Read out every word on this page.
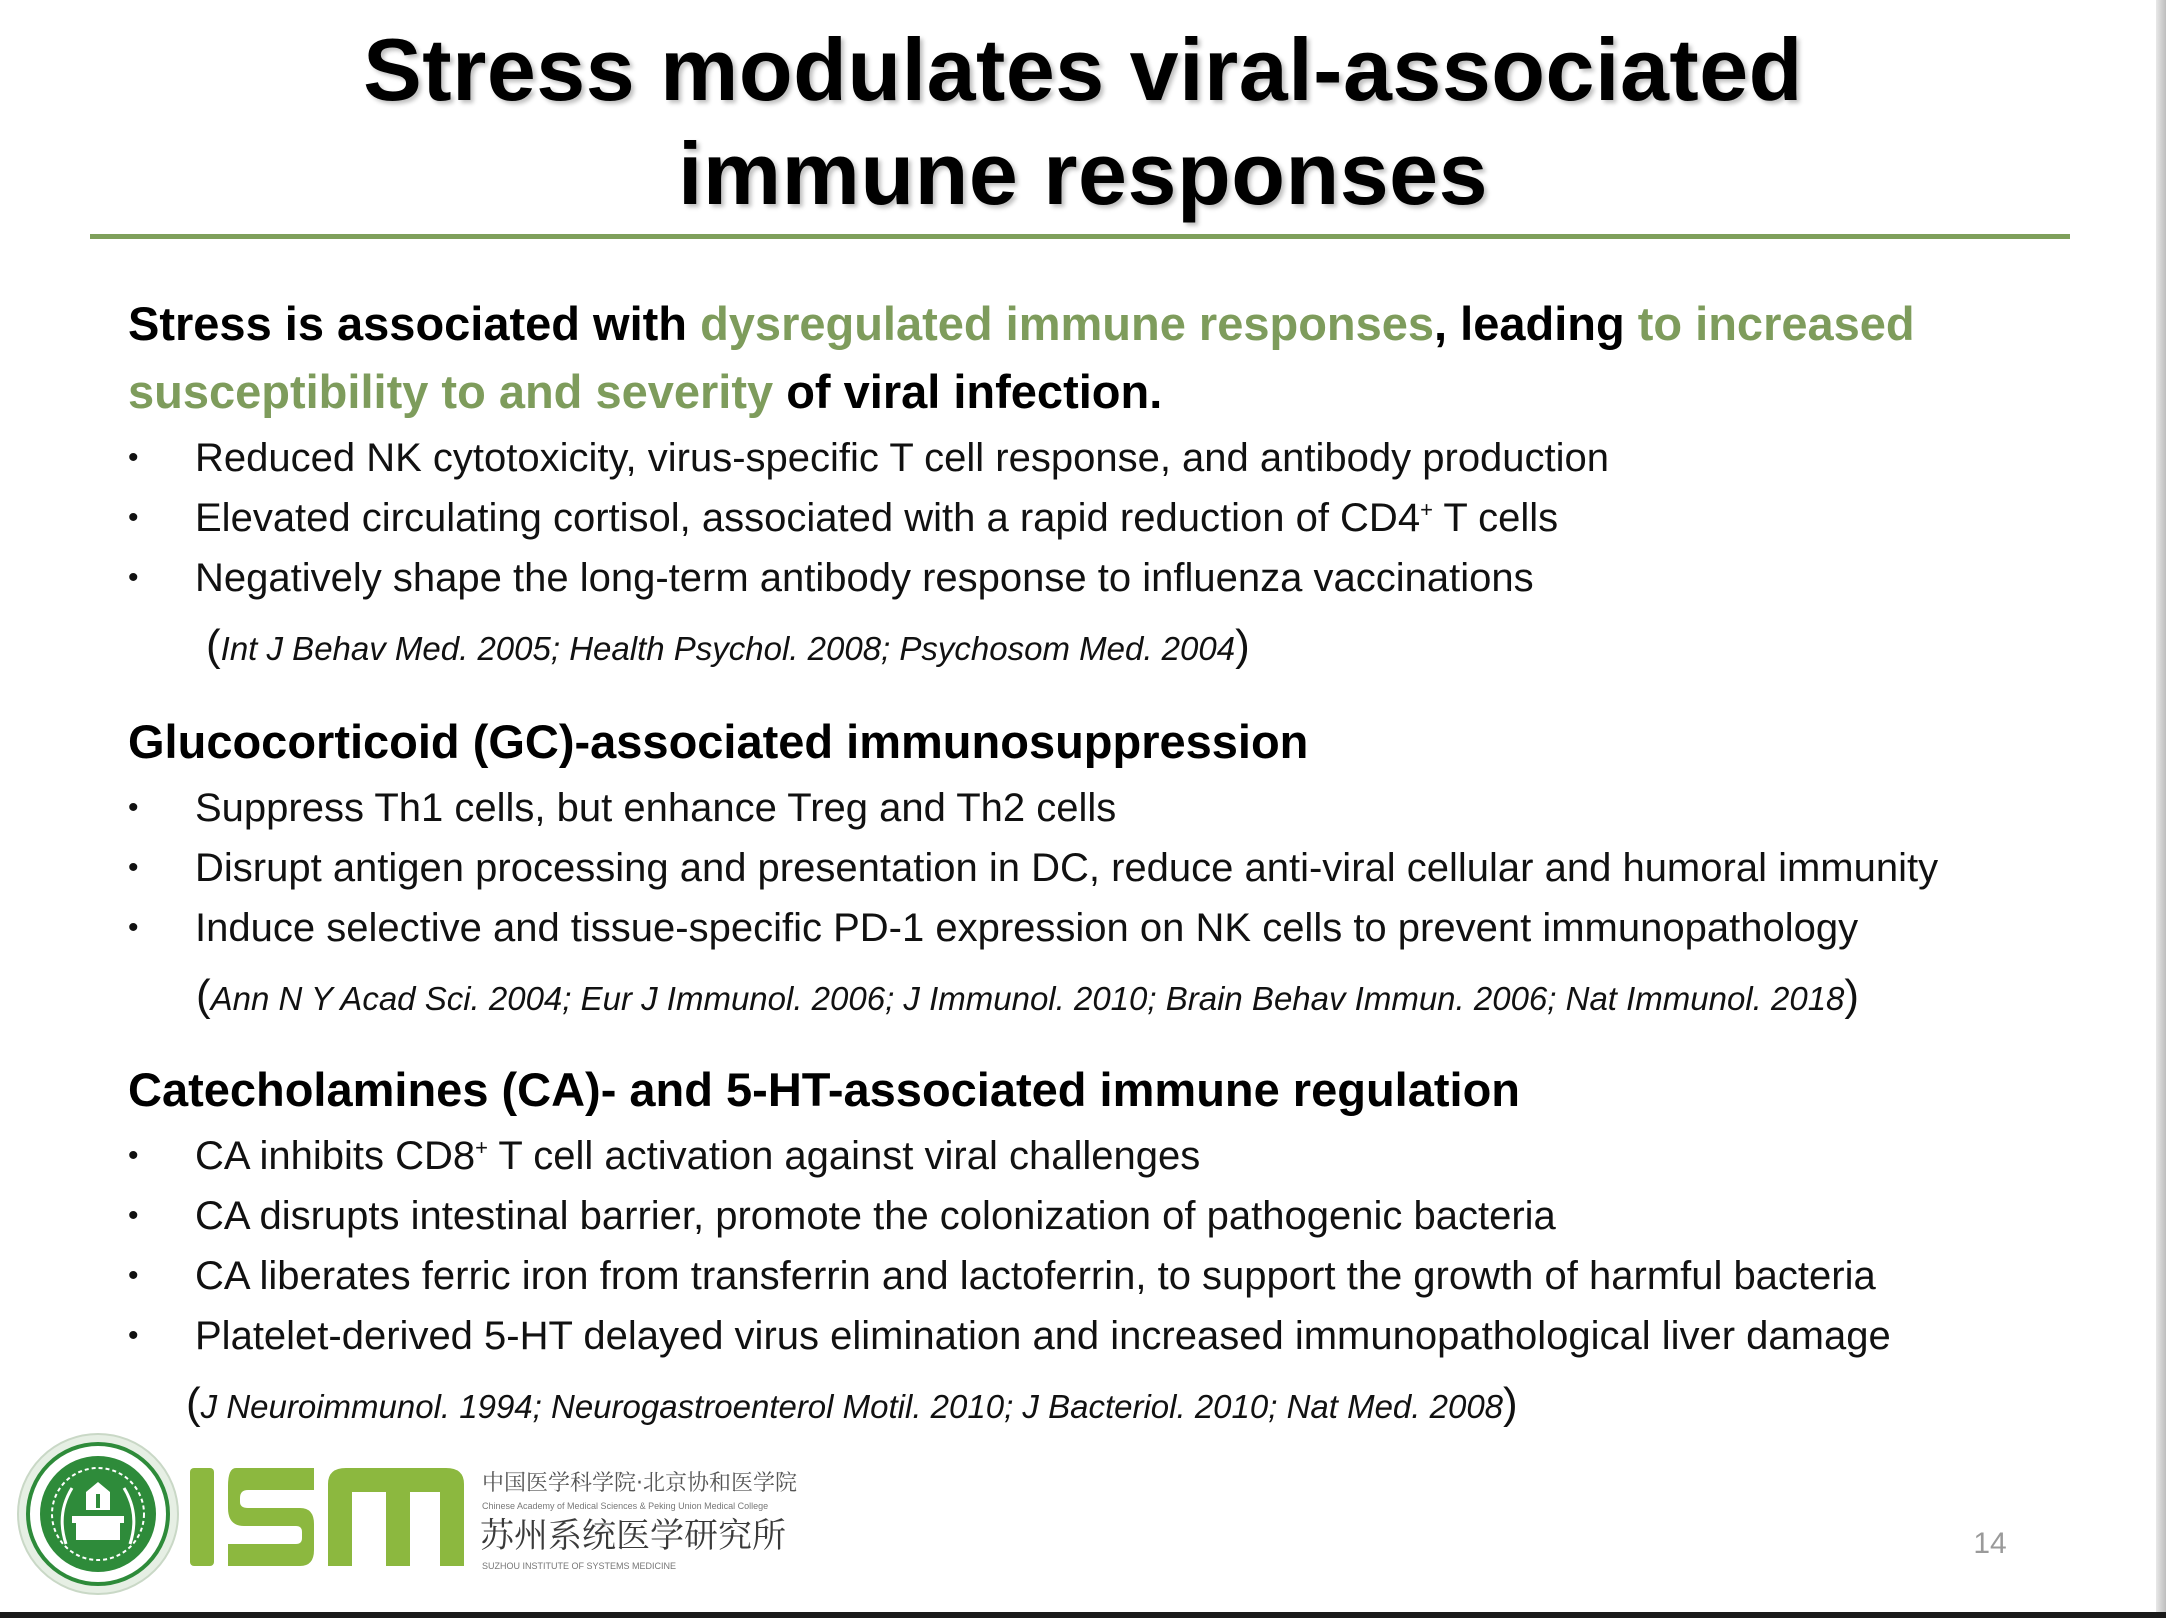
Stress modulates viral-associated
immune responses
Stress is associated with dysregulated immune responses, leading to increased
susceptibility to and severity of viral infection.
•	Reduced NK cytotoxicity, virus-specific T cell response, and antibody production
•	Elevated circulating cortisol, associated with a rapid reduction of CD4+ T cells
•	Negatively shape the long-term antibody response to influenza vaccinations
(Int J Behav Med. 2005; Health Psychol. 2008; Psychosom Med. 2004)
Glucocorticoid (GC)-associated immunosuppression
•	Suppress Th1 cells, but enhance Treg and Th2 cells
•	Disrupt antigen processing and presentation in DC, reduce anti-viral cellular and humoral immunity
•	Induce selective and tissue-specific PD-1 expression on NK cells to prevent immunopathology
(Ann N Y Acad Sci. 2004; Eur J Immunol. 2006; J Immunol. 2010; Brain Behav Immun. 2006; Nat Immunol. 2018)
Catecholamines (CA)- and 5-HT-associated immune regulation
•	CA inhibits CD8+ T cell activation against viral challenges
•	CA disrupts intestinal barrier, promote the colonization of pathogenic bacteria
•	CA liberates ferric iron from transferrin and lactoferrin, to support the growth of harmful bacteria
•	Platelet-derived 5-HT delayed virus elimination and increased immunopathological liver damage
(J Neuroimmunol. 1994; Neurogastroenterol Motil. 2010; J Bacteriol. 2010; Nat Med. 2008)
ISM
中国医学科学院·北京协和医学院
Chinese Academy of Medical Sciences & Peking Union Medical College
苏州系统医学研究所
SUZHOU INSTITUTE OF SYSTEMS MEDICINE
14
